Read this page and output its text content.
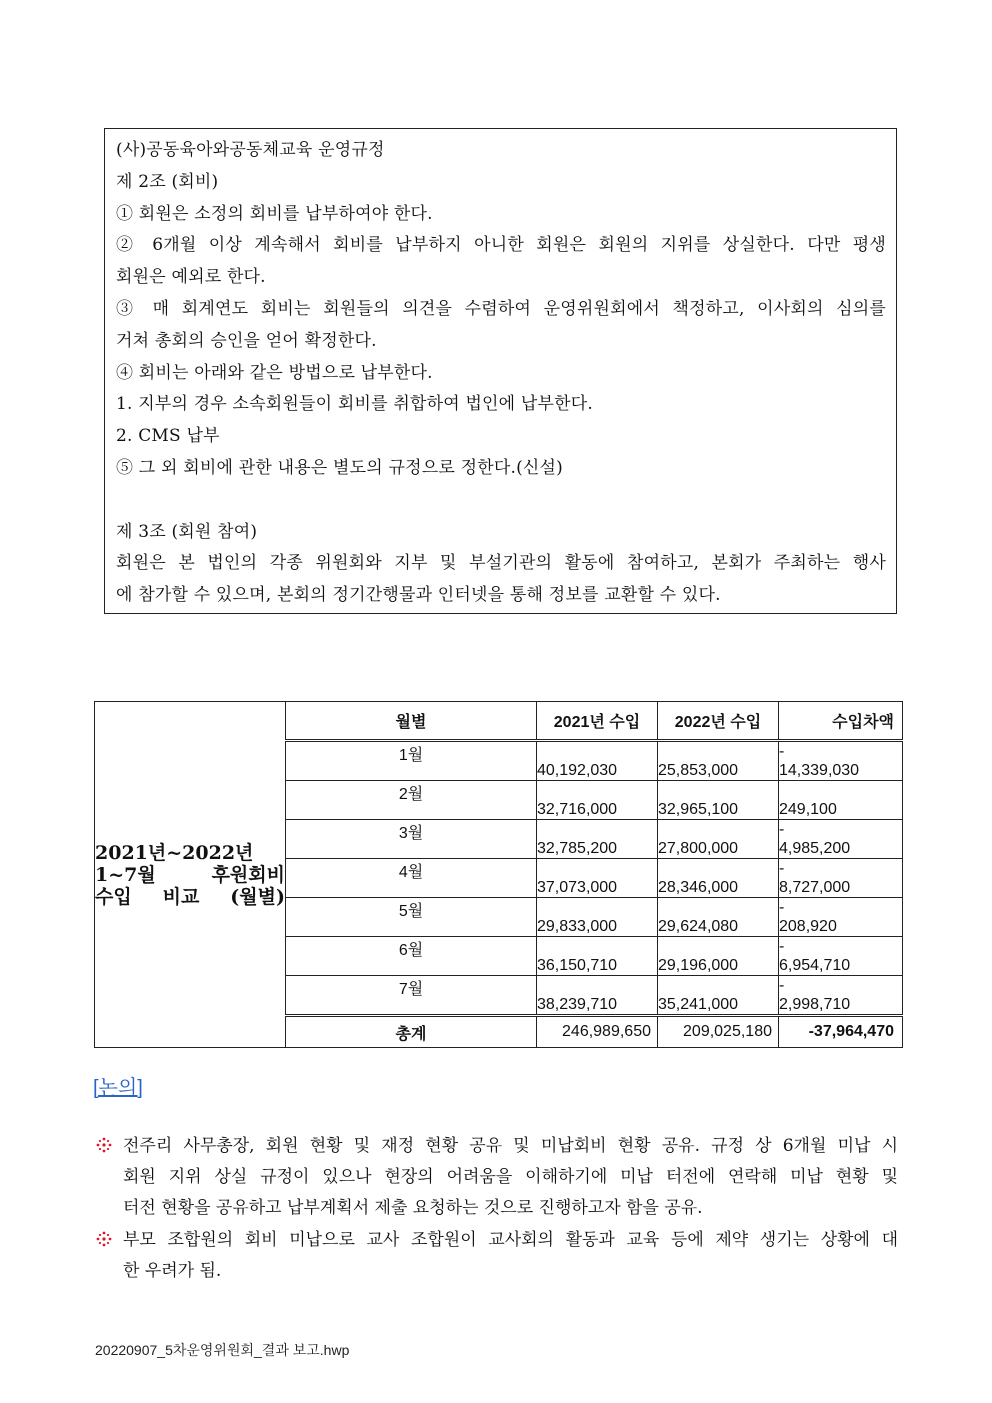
(사)공동육아와공동체교육 운영규정
제 2조 (회비)
① 회원은 소정의 회비를 납부하여야 한다.
② 6개월 이상 계속해서 회비를 납부하지 아니한 회원은 회원의 지위를 상실한다. 다만 평생
회원은 예외로 한다.
③ 매 회계연도 회비는 회원들의 의견을 수렴하여 운영위원회에서 책정하고, 이사회의 심의를
거쳐 총회의 승인을 얻어 확정한다.
④ 회비는 아래와 같은 방법으로 납부한다.
1. 지부의 경우 소속회원들이 회비를 취합하여 법인에 납부한다.
2. CMS 납부
⑤ 그 외 회비에 관한 내용은 별도의 규정으로 정한다.(신설)
제 3조 (회원 참여)
회원은 본 법인의 각종 위원회와 지부 및 부설기관의 활동에 참여하고, 본회가 주최하는 행사
에 참가할 수 있으며, 본회의 정기간행물과 인터넷을 통해 정보를 교환할 수 있다.
2021년~2022년
1~7월 후원회비
수입 비교 (월별)	월별	2021년 수입	2022년 수입	수입차액
	1월	40,192,030	25,853,000	-
14,339,030

	2월	32,716,000	32,965,100	249,100

	3월	32,785,200	27,800,000	-
4,985,200

	4월	37,073,000	28,346,000	-
8,727,000

	5월	29,833,000	29,624,080	-
208,920

	6월	36,150,710	29,196,000	-
6,954,710

	7월	38,239,710	35,241,000	-
2,998,710

	총계	246,989,650	209,025,180	-37,964,470
[논의]
전주리 사무총장, 회원 현황 및 재정 현황 공유 및 미납회비 현황 공유. 규정 상 6개월 미납 시
회원 지위 상실 규정이 있으나 현장의 어려움을 이해하기에 미납 터전에 연락해 미납 현황 및
터전 현황을 공유하고 납부계획서 제출 요청하는 것으로 진행하고자 함을 공유.
부모 조합원의 회비 미납으로 교사 조합원이 교사회의 활동과 교육 등에 제약 생기는 상황에 대
한 우려가 됨.
20220907_5차운영위원회_결과 보고.hwp
